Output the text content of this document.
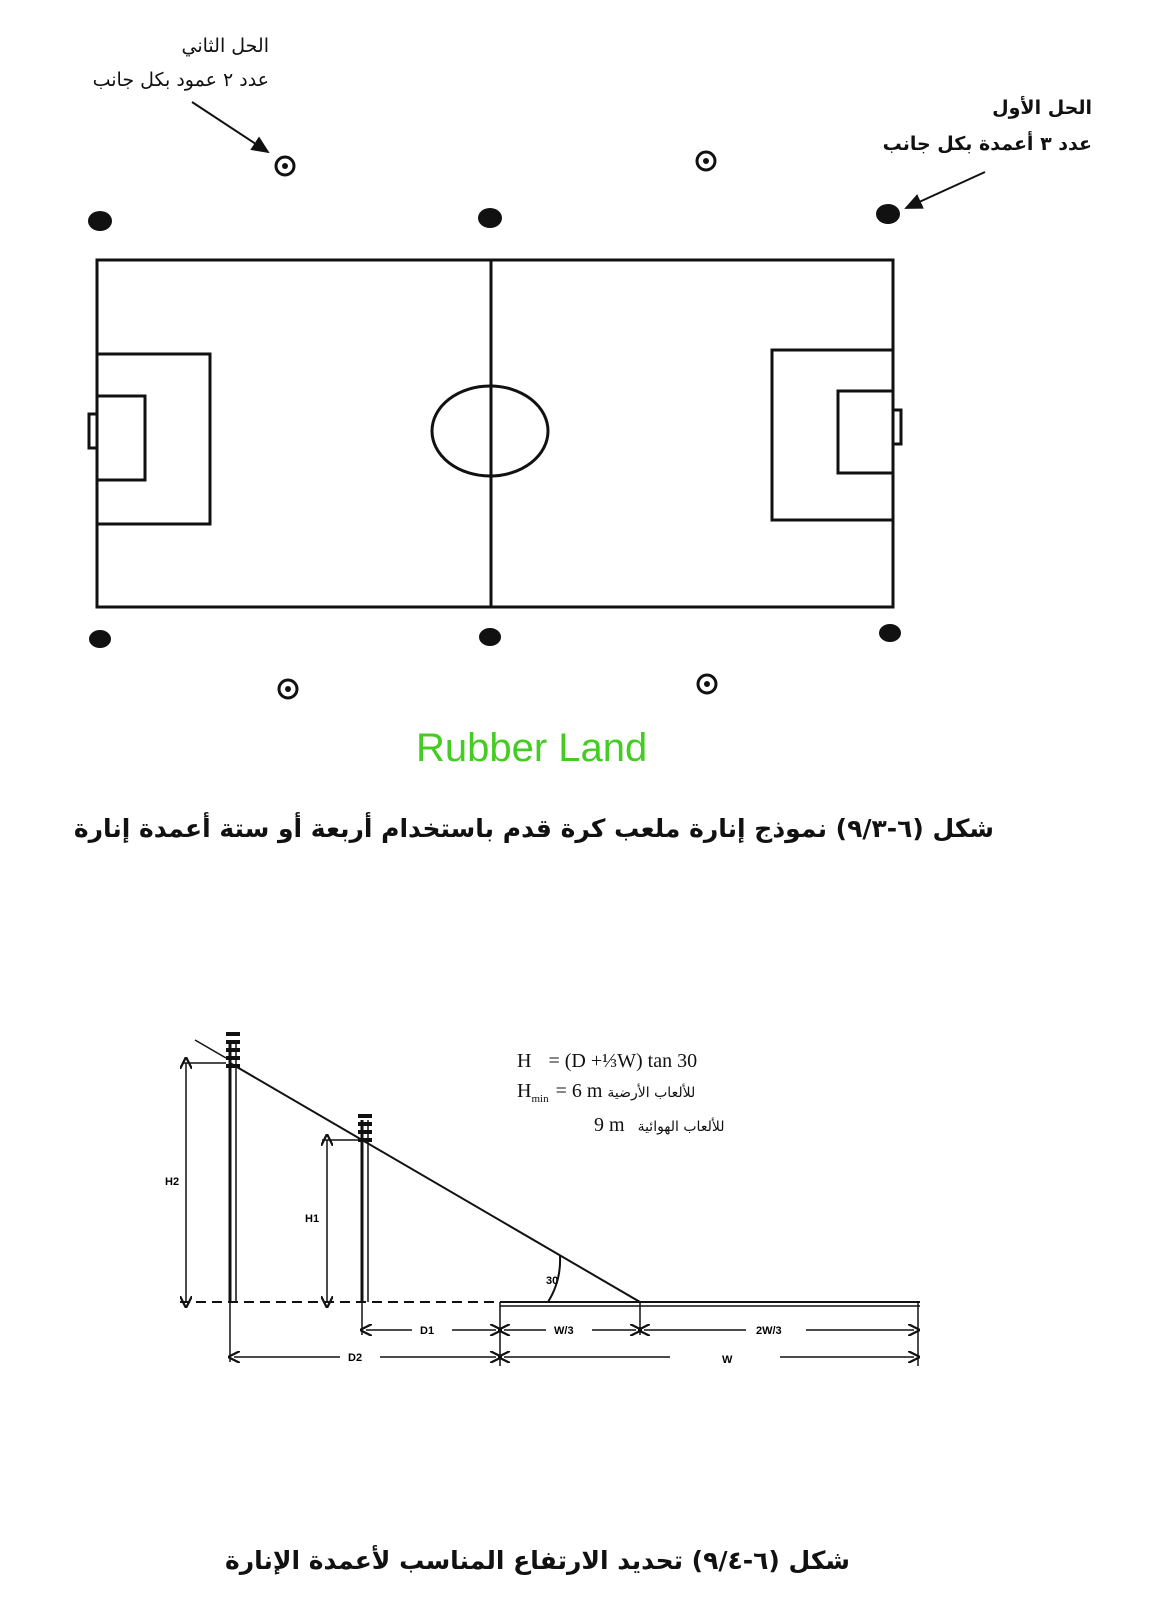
الحل الثاني
عدد ٢ عمود بكل جانب
الحل الأول
عدد ٣ أعمدة بكل جانب
Rubber Land
شكل (٦-٩/٣) نموذج إنارة ملعب كرة قدم باستخدام أربعة أو ستة أعمدة إنارة
H2
H1
D1	W/3	2W/3
D2	W
30
H = (D +⅓W) tan 30
$H_{min} = 6$ m للألعاب الأرضية
9 m للألعاب الهوائية
شكل (٦-٩/٤) تحديد الارتفاع المناسب لأعمدة الإنارة
